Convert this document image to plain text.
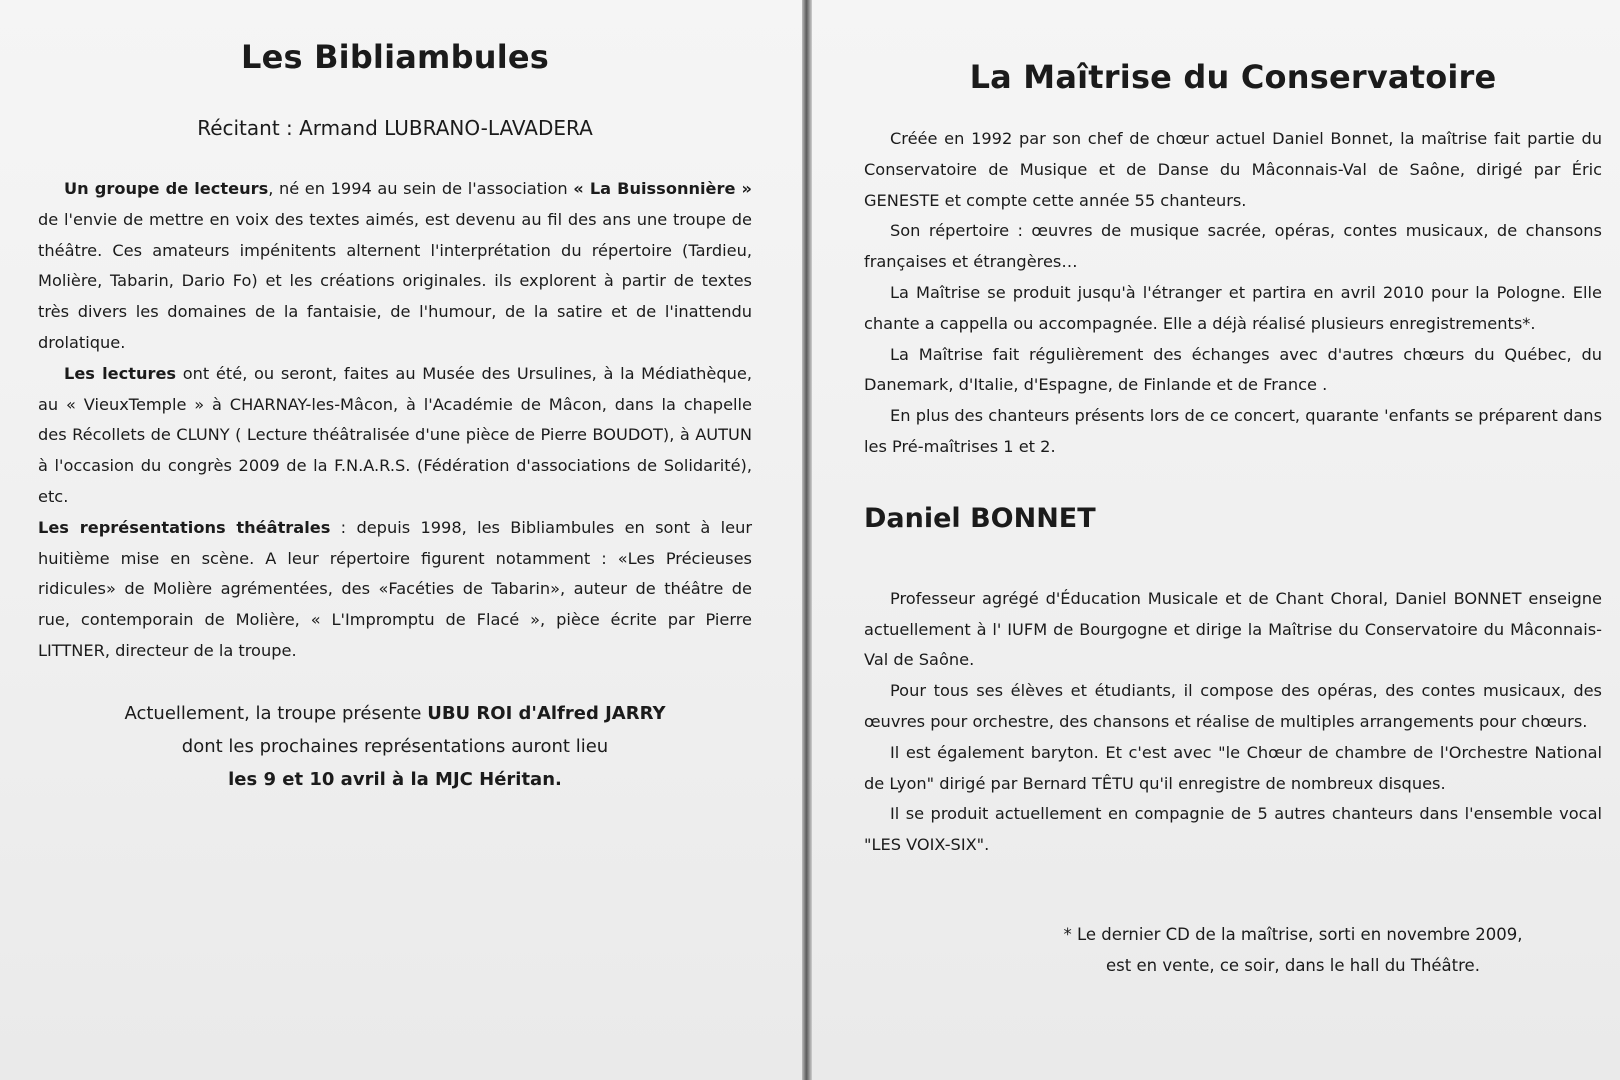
Les Bibliambules
Récitant : Armand LUBRANO-LAVADERA

Un groupe de lecteurs, né en 1994 au sein de l'association « La Buissonnière » de l'envie de mettre en voix des textes aimés, est devenu au fil des ans une troupe de théâtre. Ces amateurs impénitents alternent l'interprétation du répertoire (Tardieu, Molière, Tabarin, Dario Fo) et les créations originales. ils explorent à partir de textes très divers les domaines de la fantaisie, de l'humour, de la satire et de l'inattendu drolatique.

Les lectures ont été, ou seront, faites au Musée des Ursulines, à la Médiathèque, au « VieuxTemple » à CHARNAY-les-Mâcon, à l'Académie de Mâcon, dans la chapelle des Récollets de CLUNY ( Lecture théâtralisée d'une pièce de Pierre BOUDOT), à AUTUN à l'occasion du congrès 2009 de la F.N.A.R.S. (Fédération d'associations de Solidarité), etc.

Les représentations théâtrales : depuis 1998, les Bibliambules en sont à leur huitième mise en scène. A leur répertoire figurent notamment : «Les Précieuses ridicules» de Molière agrémentées, des «Facéties de Tabarin», auteur de théâtre de rue, contemporain de Molière, « L'Impromptu de Flacé », pièce écrite par Pierre LITTNER, directeur de la troupe.

Actuellement, la troupe présente UBU ROI d'Alfred JARRY
dont les prochaines représentations auront lieu
les 9 et 10 avril à la MJC Héritan.
La Maîtrise du Conservatoire

Créée en 1992 par son chef de chœur actuel Daniel Bonnet, la maîtrise fait partie du Conservatoire de Musique et de Danse du Mâconnais-Val de Saône, dirigé par Éric GENESTE et compte cette année 55 chanteurs.

Son répertoire : œuvres de musique sacrée, opéras, contes musicaux, de chansons françaises et étrangères…

La Maîtrise se produit jusqu'à l'étranger et partira en avril 2010 pour la Pologne. Elle chante a cappella ou accompagnée. Elle a déjà réalisé plusieurs enregistrements*.

La Maîtrise fait régulièrement des échanges avec d'autres chœurs du Québec, du Danemark, d'Italie, d'Espagne, de Finlande et de France .

En plus des chanteurs présents lors de ce concert, quarante 'enfants se préparent dans les Pré-maîtrises 1 et 2.

Daniel BONNET

Professeur agrégé d'Éducation Musicale et de Chant Choral, Daniel BONNET enseigne actuellement à l' IUFM de Bourgogne et dirige la Maîtrise du Conservatoire du Mâconnais-Val de Saône.

Pour tous ses élèves et étudiants, il compose des opéras, des contes musicaux, des œuvres pour orchestre, des chansons et réalise de multiples arrangements pour chœurs.

Il est également baryton. Et c'est avec "le Chœur de chambre de l'Orchestre National de Lyon" dirigé par Bernard TÊTU qu'il enregistre de nombreux disques.

Il se produit actuellement en compagnie de 5 autres chanteurs dans l'ensemble vocal "LES VOIX-SIX".

* Le dernier CD de la maîtrise, sorti en novembre 2009,
est en vente, ce soir, dans le hall du Théâtre.
